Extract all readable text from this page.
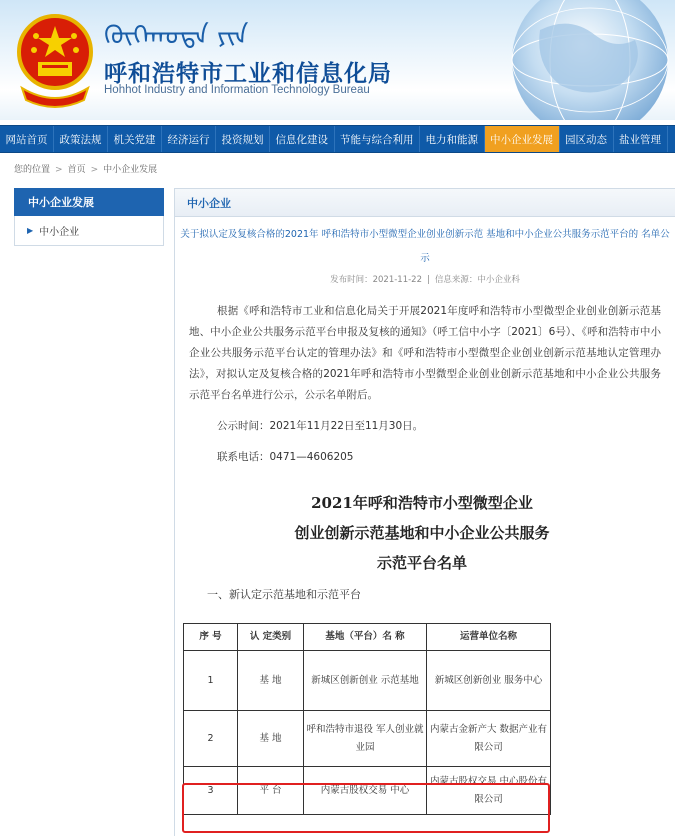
ᠬᠥᠬᠡᠬᠣᠲᠠ ᠶᠢᠨ
呼和浩特市工业和信息化局
Hohhot Industry and Information Technology Bureau
网站首页	政策法规	机关党建	经济运行	投资规划	信息化建设	节能与综合利用	电力和能源	中小企业发展	园区动态	盐业管理
您的位置 > 首页 > 中小企业发展
中小企业发展
▶ 中小企业
中小企业
关于拟认定及复核合格的2021年 呼和浩特市小型微型企业创业创新示范 基地和中小企业公共服务示范平台的 名单公示
发布时间：2021-11-22 | 信息来源：中小企业科
根据《呼和浩特市工业和信息化局关于开展2021年度呼和浩特市小型微型企业创业创新示范基地、中小企业公共服务示范平台申报及复核的通知》（呼工信中小字〔2021〕6号）、《呼和浩特市中小企业公共服务示范平台认定的管理办法》和《呼和浩特市小型微型企业创业创新示范基地认定管理办法》，对拟认定及复核合格的2021年呼和浩特市小型微型企业创业创新示范基地和中小企业公共服务示范平台名单进行公示，公示名单附后。
公示时间：2021年11月22日至11月30日。
联系电话：0471—4606205
2021年呼和浩特市小型微型企业
创业创新示范基地和中小企业公共服务
示范平台名单
一、新认定示范基地和示范平台
序 号	认 定类别	基地（平台）名 称	运营单位名称
1	基 地	新城区创新创业 示范基地	新城区创新创业 服务中心
2	基 地	呼和浩特市退役 军人创业就业园	内蒙古金新产大 数据产业有限公司
3	平 台	内蒙古股权交易 中心	内蒙古股权交易 中心股份有限公司
